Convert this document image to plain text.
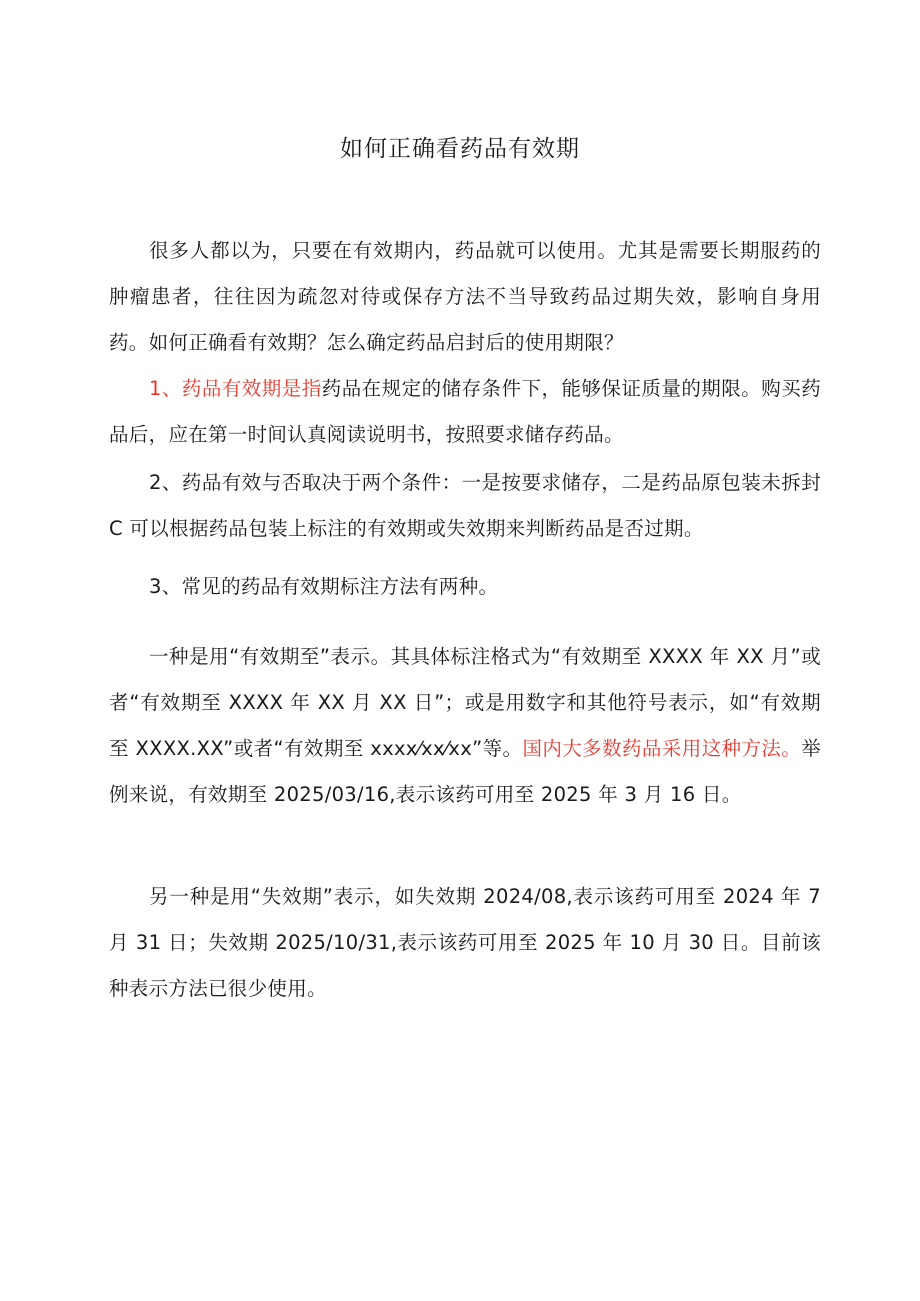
如何正确看药品有效期

很多人都以为，只要在有效期内，药品就可以使用。尤其是需要长期服药的肿瘤患者，往往因为疏忽对待或保存方法不当导致药品过期失效，影响自身用药。如何正确看有效期？怎么确定药品启封后的使用期限？

1、药品有效期是指药品在规定的储存条件下，能够保证质量的期限。购买药品后，应在第一时间认真阅读说明书，按照要求储存药品。

2、药品有效与否取决于两个条件：一是按要求储存，二是药品原包装未拆封 C 可以根据药品包装上标注的有效期或失效期来判断药品是否过期。

3、常见的药品有效期标注方法有两种。

一种是用“有效期至”表示。其具体标注格式为“有效期至 XXXX 年 XX 月”或者“有效期至 XXXX 年 XX 月 XX 日”；或是用数字和其他符号表示，如“有效期至 XXXX.XX”或者“有效期至 xxxx⁄xx⁄xx”等。国内大多数药品采用这种方法。举例来说，有效期至 2025/03/16,表示该药可用至 2025 年 3 月 16 日。

另一种是用“失效期”表示，如失效期 2024/08,表示该药可用至 2024 年 7 月 31 日；失效期 2025/10/31,表示该药可用至 2025 年 10 月 30 日。目前该种表示方法已很少使用。
